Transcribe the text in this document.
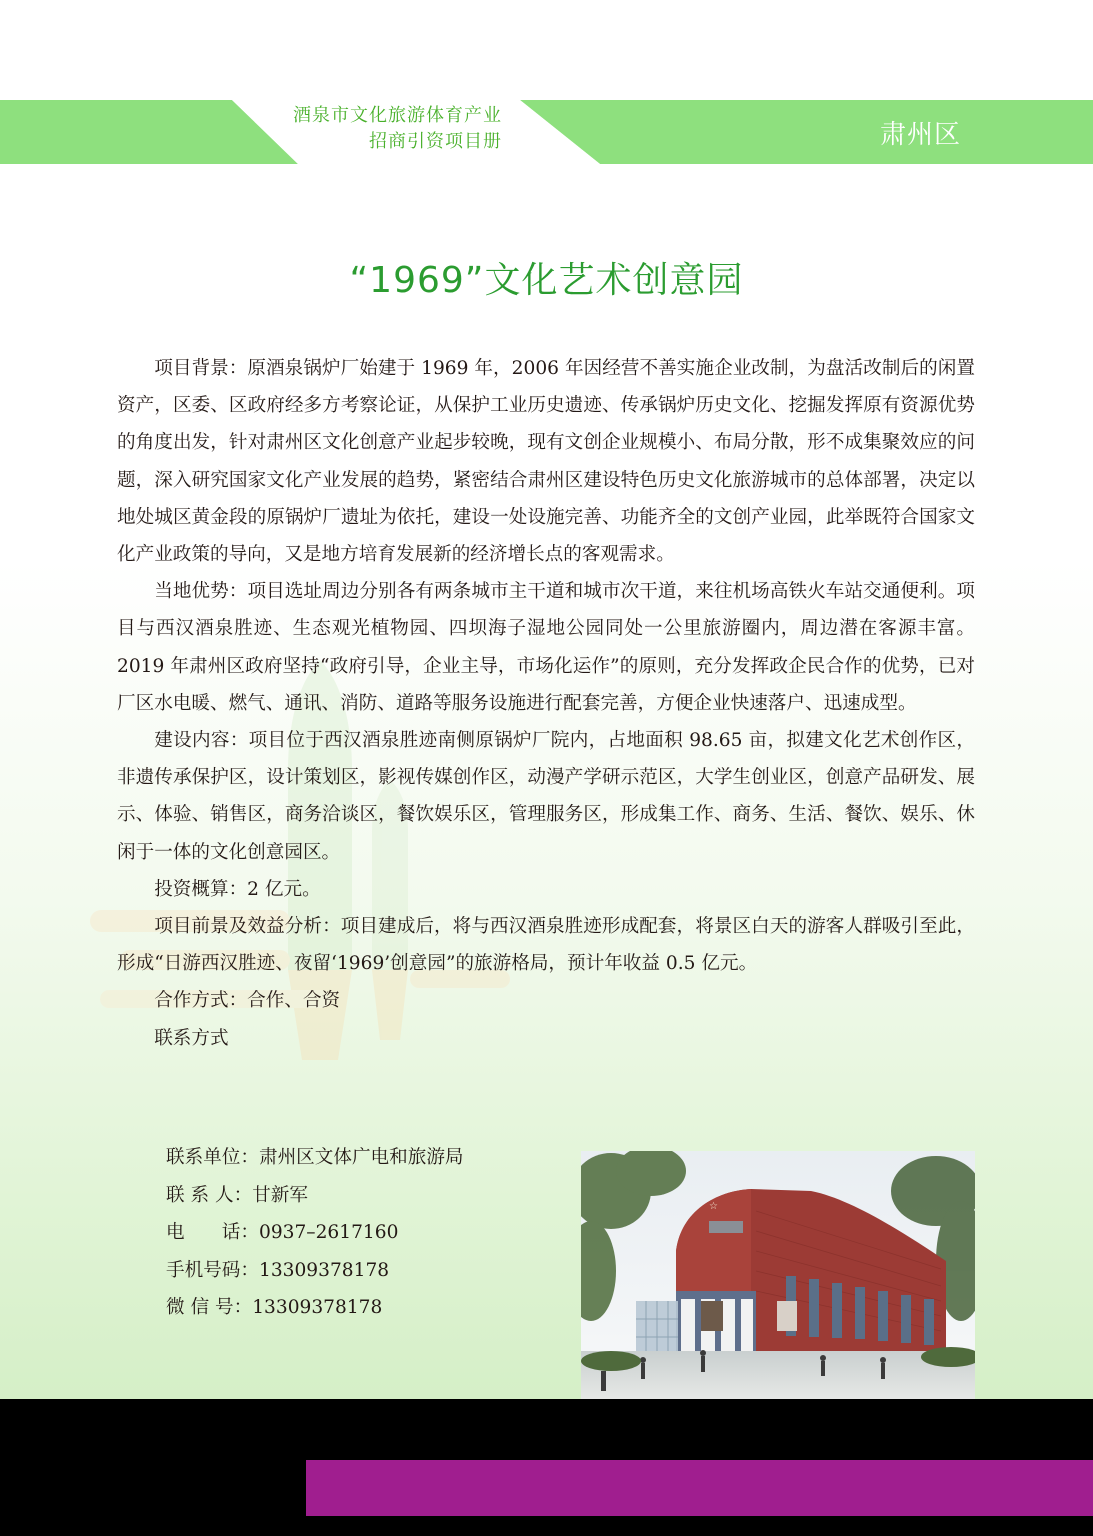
酒泉市文化旅游体育产业
招商引资项目册	肃州区
“1969”文化艺术创意园

项目背景：原酒泉锅炉厂始建于 1969 年，2006 年因经营不善实施企业改制，为盘活改制后的闲置资产，区委、区政府经多方考察论证，从保护工业历史遗迹、传承锅炉历史文化、挖掘发挥原有资源优势的角度出发，针对肃州区文化创意产业起步较晚，现有文创企业规模小、布局分散，形不成集聚效应的问题，深入研究国家文化产业发展的趋势，紧密结合肃州区建设特色历史文化旅游城市的总体部署，决定以地处城区黄金段的原锅炉厂遗址为依托，建设一处设施完善、功能齐全的文创产业园，此举既符合国家文化产业政策的导向，又是地方培育发展新的经济增长点的客观需求。

当地优势：项目选址周边分别各有两条城市主干道和城市次干道，来往机场高铁火车站交通便利。项目与西汉酒泉胜迹、生态观光植物园、四坝海子湿地公园同处一公里旅游圈内，周边潜在客源丰富。2019 年肃州区政府坚持“政府引导，企业主导，市场化运作”的原则，充分发挥政企民合作的优势，已对厂区水电暖、燃气、通讯、消防、道路等服务设施进行配套完善，方便企业快速落户、迅速成型。

建设内容：项目位于西汉酒泉胜迹南侧原锅炉厂院内，占地面积 98.65 亩，拟建文化艺术创作区，非遗传承保护区，设计策划区，影视传媒创作区，动漫产学研示范区，大学生创业区，创意产品研发、展示、体验、销售区，商务洽谈区，餐饮娱乐区，管理服务区，形成集工作、商务、生活、餐饮、娱乐、休闲于一体的文化创意园区。

投资概算：2 亿元。

项目前景及效益分析：项目建成后，将与西汉酒泉胜迹形成配套，将景区白天的游客人群吸引至此，形成“日游西汉胜迹、夜留‘1969’创意园”的旅游格局，预计年收益 0.5 亿元。

合作方式：合作、合资

联系方式

联系单位：肃州区文体广电和旅游局
联 系 人：甘新军
电　　话：0937–2617160
手机号码：13309378178
微 信 号：13309378178
☆
